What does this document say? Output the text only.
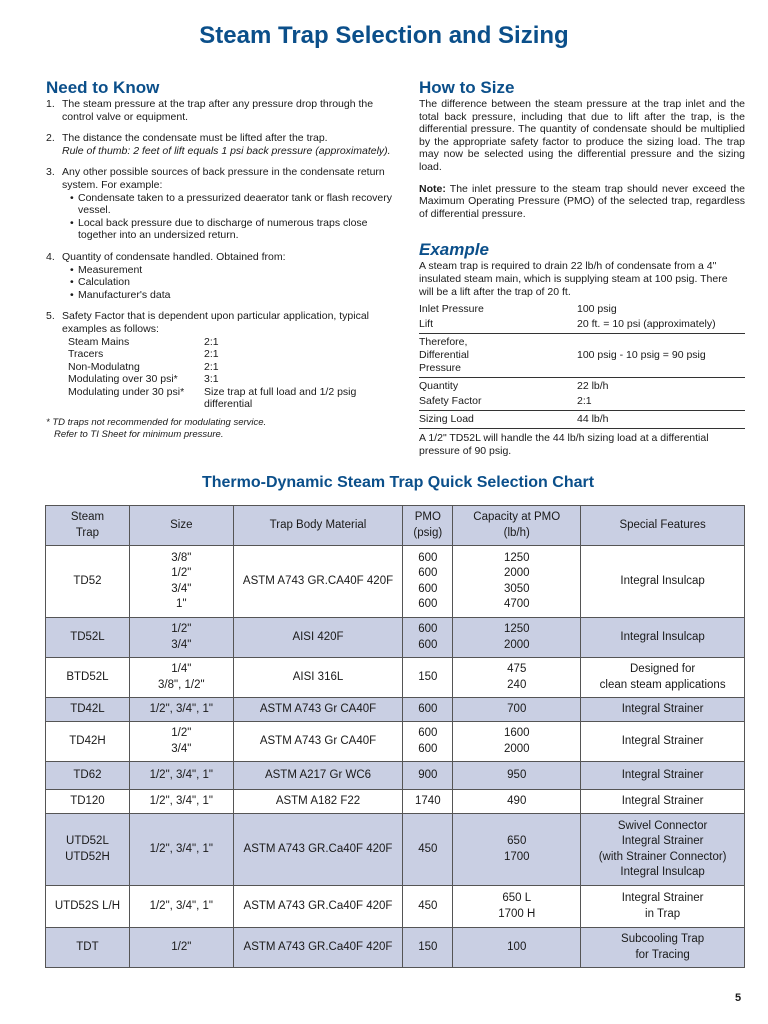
Steam Trap Selection and Sizing
Need to Know
1. The steam pressure at the trap after any pressure drop through the control valve or equipment.
2. The distance the condensate must be lifted after the trap.
Rule of thumb: 2 feet of lift equals 1 psi back pressure (approximately).
3. Any other possible sources of back pressure in the condensate return system. For example:
• Condensate taken to a pressurized deaerator tank or flash recovery vessel.
• Local back pressure due to discharge of numerous traps close together into an undersized return.
4. Quantity of condensate handled. Obtained from:
• Measurement
• Calculation
• Manufacturer's data
5. Safety Factor that is dependent upon particular application, typical examples as follows:
Steam Mains	2:1
Tracers	2:1
Non-Modulatng	2:1
Modulating over 30 psi*	3:1
Modulating under 30 psi*	Size trap at full load and 1/2 psig differential
* TD traps not recommended for modulating service.
Refer to TI Sheet for minimum pressure.
How to Size

The difference between the steam pressure at the trap inlet and the total back pressure, including that due to lift after the trap, is the differential pressure. The quantity of condensate should be multiplied by the appropriate safety factor to produce the sizing load. The trap may now be selected using the differential pressure and the sizing load.

Note: The inlet pressure to the steam trap should never exceed the Maximum Operating Pressure (PMO) of the selected trap, regardless of differential pressure.

Example

A steam trap is required to drain 22 lb/h of condensate from a 4" insulated steam main, which is supplying steam at 100 psig. There will be a lift after the trap of 20 ft.

Inlet Pressure	100 psig
Lift	20 ft. = 10 psi (approximately)
Therefore, Differential Pressure
100 psig - 10 psig = 90 psig
Quantity	22 lb/h
Safety Factor	2:1
Sizing Load	44 lb/h
A 1/2" TD52L will handle the 44 lb/h sizing load at a differential pressure of 90 psig.
Thermo-Dynamic Steam Trap Quick Selection Chart
Steam Trap	Size	Trap Body Material	PMO (psig)	Capacity at PMO (lb/h)	Special Features
TD52	3/8"
1/2"
3/4"
1"	ASTM A743 GR.CA40F 420F	600
600
600
600	1250
2000
3050
4700	Integral Insulcap
TD52L	1/2"
3/4"	AISI 420F	600
600	1250
2000	Integral Insulcap
BTD52L	1/4"
3/8", 1/2"	AISI 316L	150	475
240	Designed for
clean steam applications
TD42L	1/2", 3/4", 1"	ASTM A743 Gr CA40F	600	700	Integral Strainer
TD42H	1/2"
3/4"	ASTM A743 Gr CA40F	600
600	1600
2000	Integral Strainer
TD62	1/2", 3/4", 1"	ASTM A217 Gr WC6	900	950	Integral Strainer
TD120	1/2", 3/4", 1"	ASTM A182 F22	1740	490	Integral Strainer
UTD52L
UTD52H	1/2", 3/4", 1"	ASTM A743 GR.Ca40F 420F	450	650
1700	Swivel Connector
Integral Strainer
(with Strainer Connector)
Integral Insulcap
UTD52S L/H	1/2", 3/4", 1"	ASTM A743 GR.Ca40F 420F	450	650 L
1700 H	Integral Strainer
in Trap
TDT	1/2"	ASTM A743 GR.Ca40F 420F	150	100	Subcooling Trap
for Tracing
5
